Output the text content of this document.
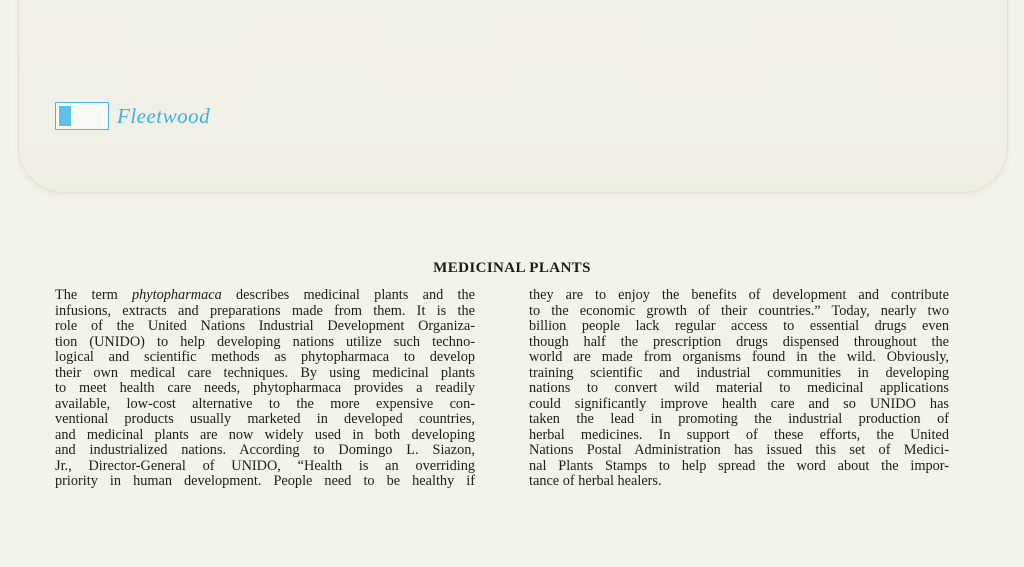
Fleetwood
MEDICINAL PLANTS
The term phytopharmaca describes medicinal plants and the
infusions, extracts and preparations made from them. It is the
role of the United Nations Industrial Development Organiza-
tion (UNIDO) to help developing nations utilize such techno-
logical and scientific methods as phytopharmaca to develop
their own medical care techniques. By using medicinal plants
to meet health care needs, phytopharmaca provides a readily
available, low-cost alternative to the more expensive con-
ventional products usually marketed in developed countries,
and medicinal plants are now widely used in both developing
and industrialized nations. According to Domingo L. Siazon,
Jr., Director-General of UNIDO, “Health is an overriding
priority in human development. People need to be healthy if
they are to enjoy the benefits of development and contribute
to the economic growth of their countries.” Today, nearly two
billion people lack regular access to essential drugs even
though half the prescription drugs dispensed throughout the
world are made from organisms found in the wild. Obviously,
training scientific and industrial communities in developing
nations to convert wild material to medicinal applications
could significantly improve health care and so UNIDO has
taken the lead in promoting the industrial production of
herbal medicines. In support of these efforts, the United
Nations Postal Administration has issued this set of Medici-
nal Plants Stamps to help spread the word about the impor-
tance of herbal healers.
